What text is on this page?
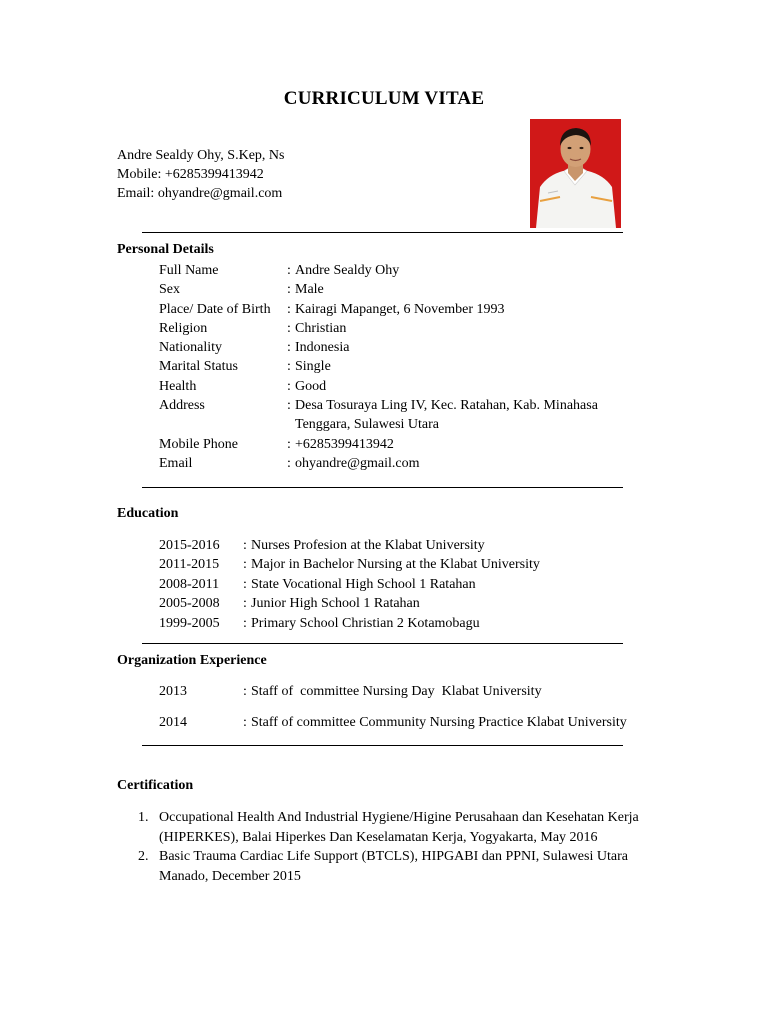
CURRICULUM VITAE
Andre Sealdy Ohy, S.Kep, Ns
Mobile: +6285399413942
Email: ohyandre@gmail.com
Personal Details
Full Name	: Andre Sealdy Ohy
Sex	: Male
Place/ Date of Birth	: Kairagi Mapanget, 6 November 1993
Religion	: Christian
Nationality	: Indonesia
Marital Status	: Single
Health	: Good
Address	: Desa Tosuraya Ling IV, Kec. Ratahan, Kab. Minahasa Tenggara, Sulawesi Utara
Mobile Phone	: +6285399413942
Email	: ohyandre@gmail.com
Education
2015-2016	: Nurses Profesion at the Klabat University
2011-2015	: Major in Bachelor Nursing at the Klabat University
2008-2011	: State Vocational High School 1 Ratahan
2005-2008	: Junior High School 1 Ratahan
1999-2005	: Primary School Christian 2 Kotamobagu
Organization Experience
2013	: Staff of  committee Nursing Day  Klabat University
2014	: Staff of committee Community Nursing Practice Klabat University
Certification
1. Occupational Health And Industrial Hygiene/Higine Perusahaan dan Kesehatan Kerja (HIPERKES), Balai Hiperkes Dan Keselamatan Kerja, Yogyakarta, May 2016
2. Basic Trauma Cardiac Life Support (BTCLS), HIPGABI dan PPNI, Sulawesi Utara Manado, December 2015
